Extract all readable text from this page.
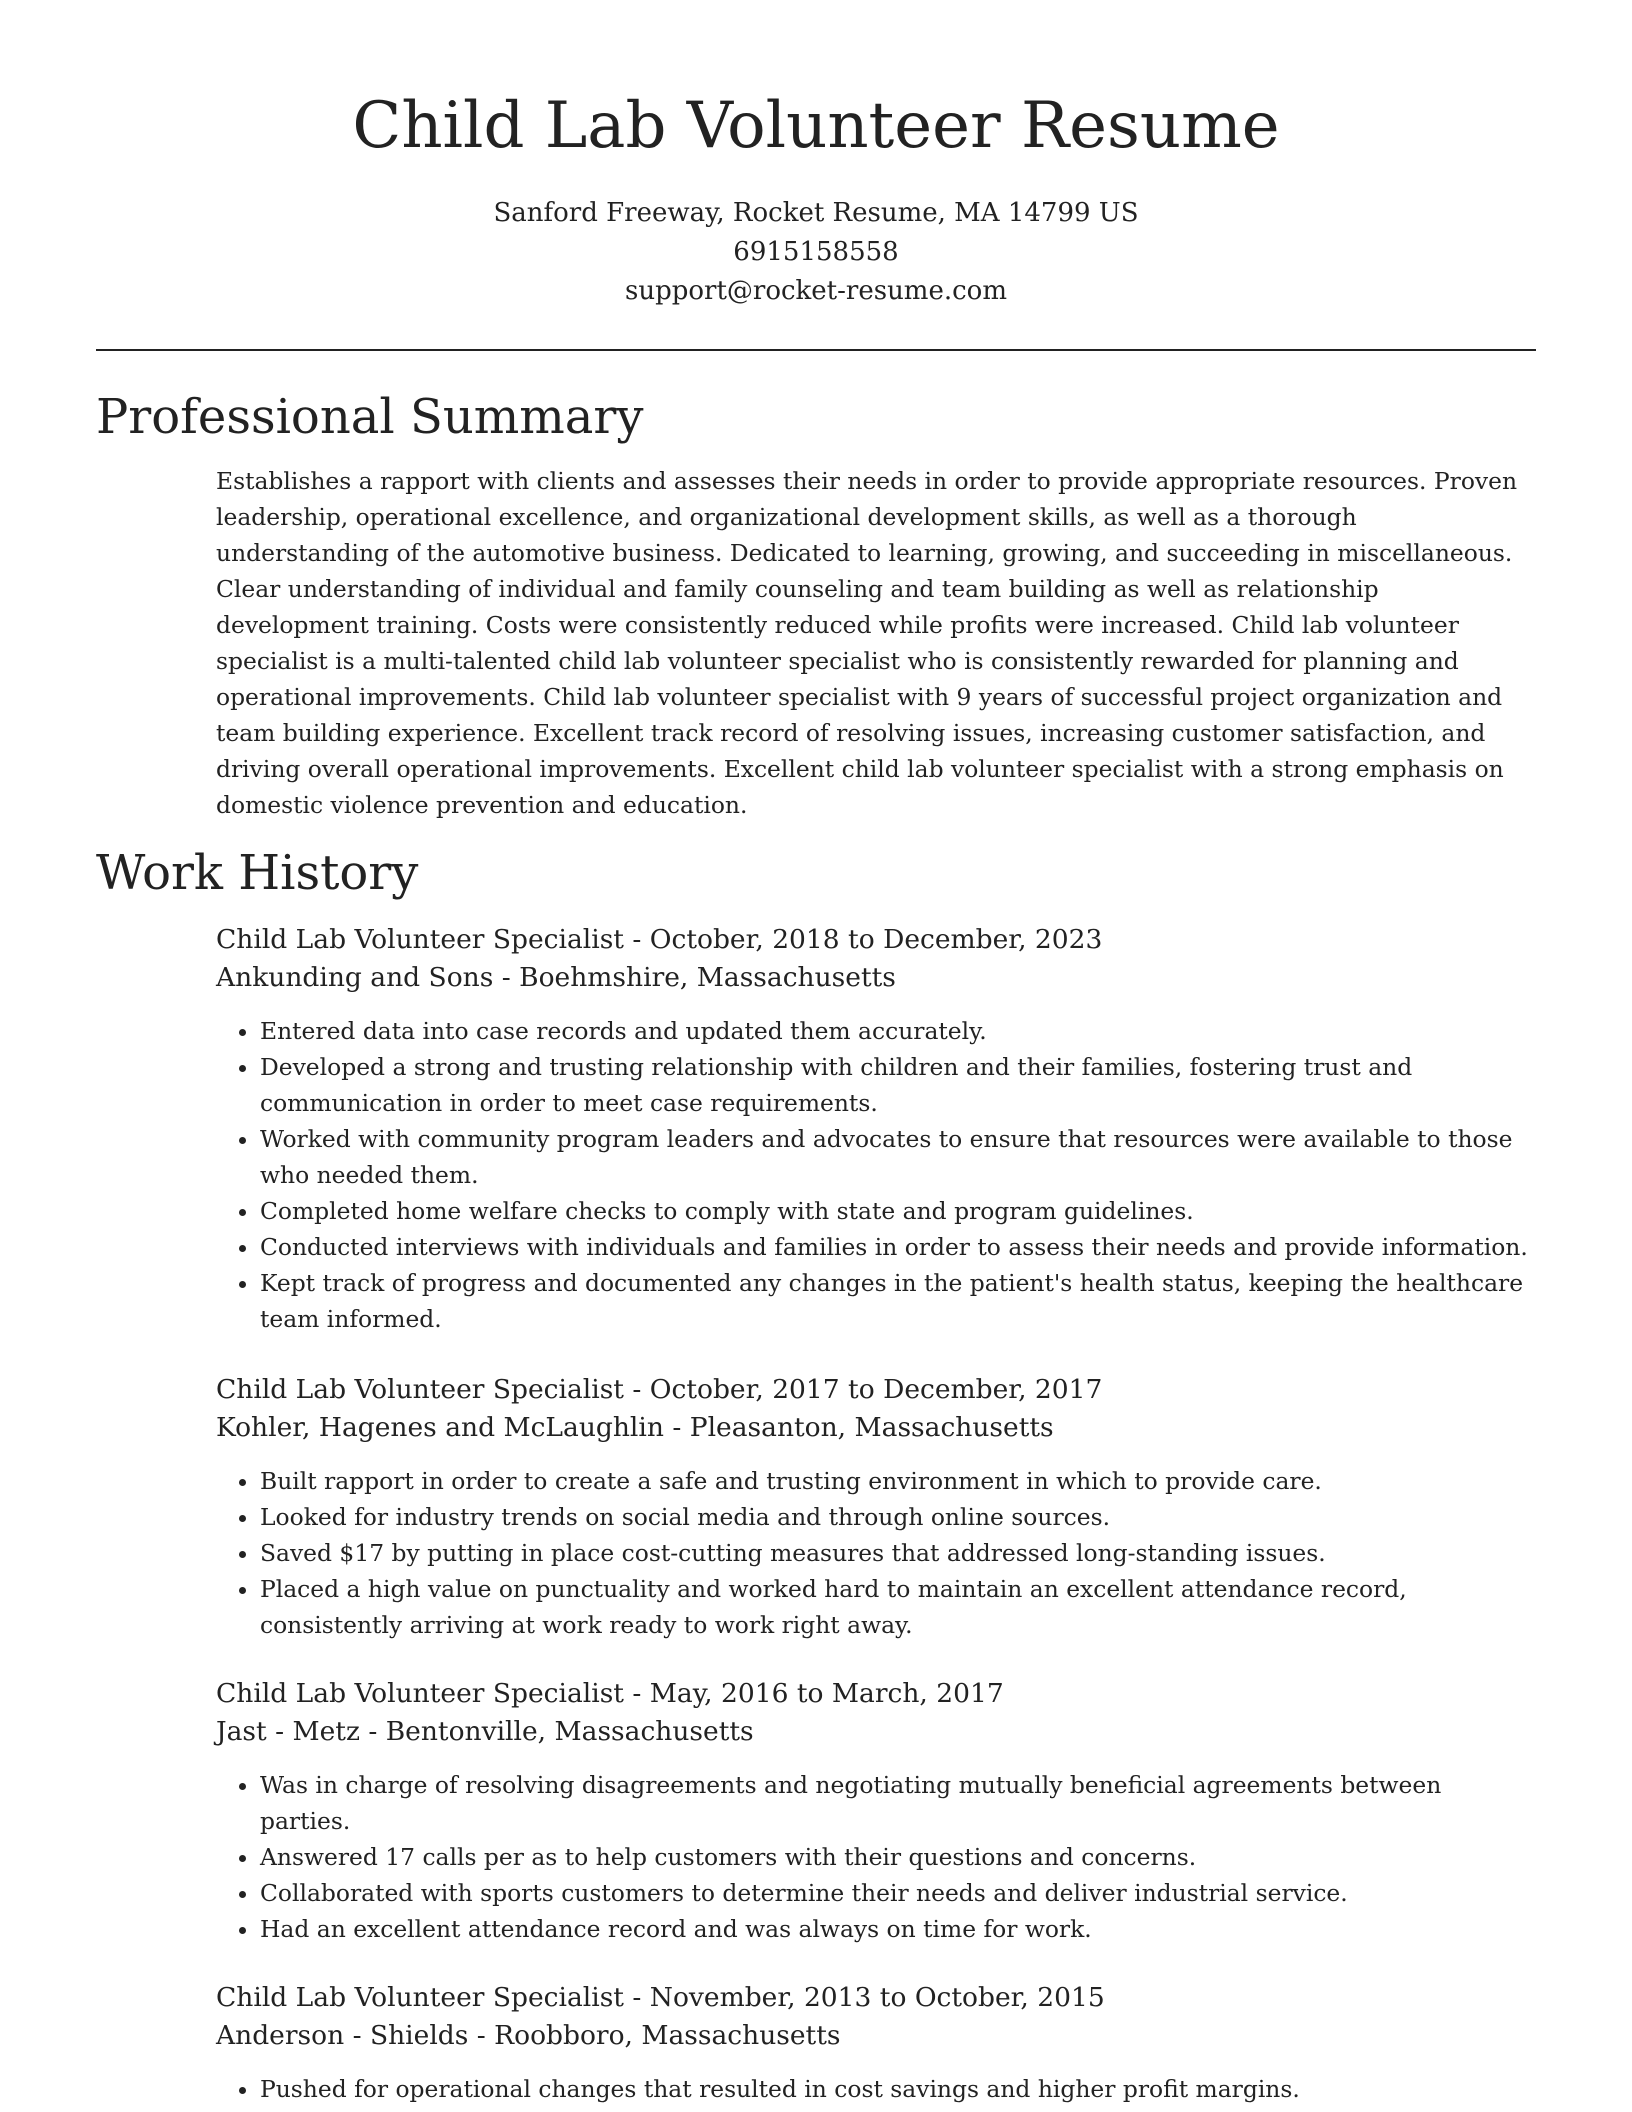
Child Lab Volunteer Resume
Sanford Freeway, Rocket Resume, MA 14799 US
6915158558
support@rocket-resume.com
Professional Summary

Establishes a rapport with clients and assesses their needs in order to provide appropriate resources. Proven leadership, operational excellence, and organizational development skills, as well as a thorough understanding of the automotive business. Dedicated to learning, growing, and succeeding in miscellaneous. Clear understanding of individual and family counseling and team building as well as relationship development training. Costs were consistently reduced while profits were increased. Child lab volunteer specialist is a multi-talented child lab volunteer specialist who is consistently rewarded for planning and operational improvements. Child lab volunteer specialist with 9 years of successful project organization and team building experience. Excellent track record of resolving issues, increasing customer satisfaction, and driving overall operational improvements. Excellent child lab volunteer specialist with a strong emphasis on domestic violence prevention and education.

Work History
Child Lab Volunteer Specialist - October, 2018 to December, 2023
Ankunding and Sons - Boehmshire, Massachusetts
• Entered data into case records and updated them accurately.
• Developed a strong and trusting relationship with children and their families, fostering trust and communication in order to meet case requirements.
• Worked with community program leaders and advocates to ensure that resources were available to those who needed them.
• Completed home welfare checks to comply with state and program guidelines.
• Conducted interviews with individuals and families in order to assess their needs and provide information.
• Kept track of progress and documented any changes in the patient's health status, keeping the healthcare team informed.
Child Lab Volunteer Specialist - October, 2017 to December, 2017
Kohler, Hagenes and McLaughlin - Pleasanton, Massachusetts
• Built rapport in order to create a safe and trusting environment in which to provide care.
• Looked for industry trends on social media and through online sources.
• Saved $17 by putting in place cost-cutting measures that addressed long-standing issues.
• Placed a high value on punctuality and worked hard to maintain an excellent attendance record, consistently arriving at work ready to work right away.
Child Lab Volunteer Specialist - May, 2016 to March, 2017
Jast - Metz - Bentonville, Massachusetts
• Was in charge of resolving disagreements and negotiating mutually beneficial agreements between parties.
• Answered 17 calls per as to help customers with their questions and concerns.
• Collaborated with sports customers to determine their needs and deliver industrial service.
• Had an excellent attendance record and was always on time for work.
Child Lab Volunteer Specialist - November, 2013 to October, 2015
Anderson - Shields - Roobboro, Massachusetts
• Pushed for operational changes that resulted in cost savings and higher profit margins.
